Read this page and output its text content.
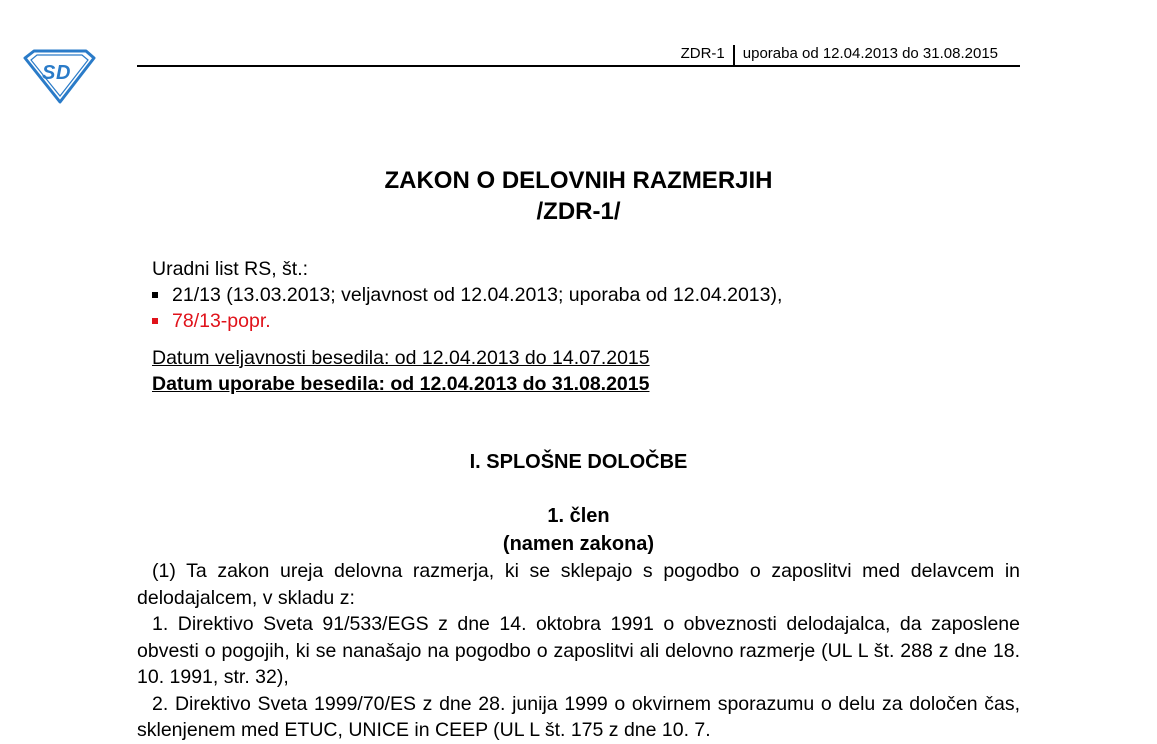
S D
ZDR-1	uporaba od 12.04.2013 do 31.08.2015
ZAKON O DELOVNIH RAZMERJIH
/ZDR-1/
Uradni list RS, št.:
21/13 (13.03.2013; veljavnost od 12.04.2013; uporaba od 12.04.2013),
78/13-popr.
Datum veljavnosti besedila: od 12.04.2013 do 14.07.2015
Datum uporabe besedila: od 12.04.2013 do 31.08.2015
I. SPLOŠNE DOLOČBE
1. člen
(namen zakona)

(1) Ta zakon ureja delovna razmerja, ki se sklepajo s pogodbo o zaposlitvi med delavcem in delodajalcem, v skladu z:

1. Direktivo Sveta 91/533/EGS z dne 14. oktobra 1991 o obveznosti delodajalca, da zaposlene obvesti o pogojih, ki se nanašajo na pogodbo o zaposlitvi ali delovno razmerje (UL L št. 288 z dne 18. 10. 1991, str. 32),

2. Direktivo Sveta 1999/70/ES z dne 28. junija 1999 o okvirnem sporazumu o delu za določen čas, sklenjenem med ETUC, UNICE in CEEP (UL L št. 175 z dne 10. 7.
